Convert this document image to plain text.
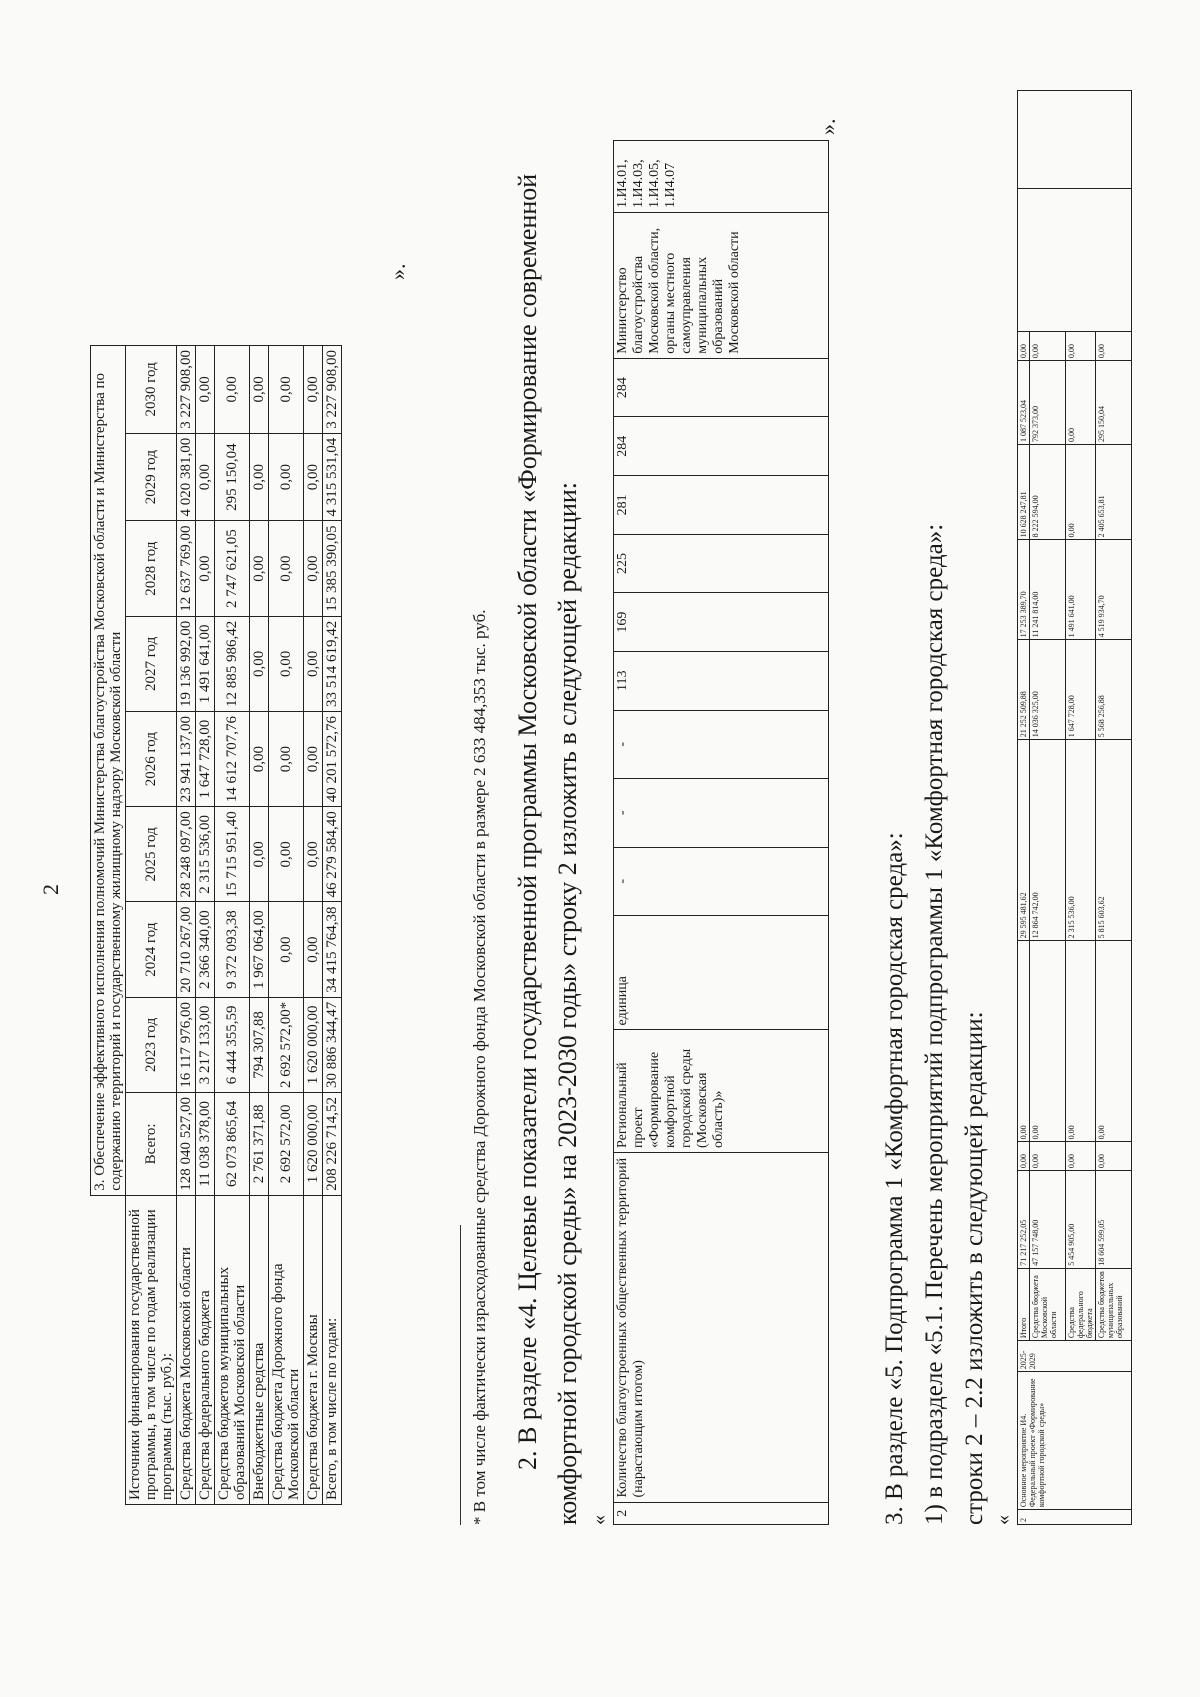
2
	3. Обеспечение эффективного исполнения полномочий Министерства благоустройства Московской области и Министерства по содержанию территорий и государственному жилищному надзору Московской области								
Источники финансирования государственной программы, в том числе по годам реализации программы (тыс. руб.):	Всего:	2023 год	2024 год	2025 год	2026 год	2027 год	2028 год	2029 год	2030 год
Средства бюджета Московской области	128 040 527,00	16 117 976,00	20 710 267,00	28 248 097,00	23 941 137,00	19 136 992,00	12 637 769,00	4 020 381,00	3 227 908,00
Средства федерального бюджета	11 038 378,00	3 217 133,00	2 366 340,00	2 315 536,00	1 647 728,00	1 491 641,00	0,00	0,00	0,00
Средства бюджетов муниципальных образований Московской области	62 073 865,64	6 444 355,59	9 372 093,38	15 715 951,40	14 612 707,76	12 885 986,42	2 747 621,05	295 150,04	0,00
Внебюджетные средства	2 761 371,88	794 307,88	1 967 064,00	0,00	0,00	0,00	0,00	0,00	0,00
Средства бюджета Дорожного фонда Московской области	2 692 572,00	2 692 572,00*	0,00	0,00	0,00	0,00	0,00	0,00	0,00
Средства бюджета г. Москвы	1 620 000,00	1 620 000,00	0,00	0,00	0,00	0,00	0,00	0,00	0,00
Всего, в том числе по годам:	208 226 714,52	30 886 344,47	34 415 764,38	46 279 584,40	40 201 572,76	33 514 619,42	15 385 390,05	4 315 531,04	3 227 908,00
».
* В том числе фактически израсходованные средства Дорожного фонда Московской области в размере 2 633 484,353 тыс. руб. 2. В разделе «4. Целевые показатели государственной программы Московской области «Формирование современной комфортной городской среды» на 2023-2030 годы» строку 2 изложить в следующей редакции: «
2	Количество благоустроенных общественных территорий (нарастающим итогом)	Региональный проект «Формирование комфортной городской среды (Московская область)»	единица	-	-	-	113	169	225	281	284	284	Министерство благоустройства Московской области, органы местного самоуправления муниципальных образований Московской области	1.И4.01, 1.И4.03, 1.И4.05, 1.И4.07
».
3. В разделе «5. Подпрограмма 1 «Комфортная городская среда»: 1) в подразделе «5.1. Перечень мероприятий подпрограммы 1 «Комфортная городская среда»: строки 2 – 2.2 изложить в следующей редакции: « 2	Основное мероприятие И4. Федеральный проект «Формирование комфортной городской среды»	2025-2029	Итого	71 217 252,05	0,00	0,00	29 595 481,62	21 252 509,88	17 253 389,70	10 628 247,81	1 087 523,04	0,00		
			Средства бюджета Московской области	47 157 748,00	0,00	0,00	12 864 742,00	14 036 325,00	11 241 814,00	8 222 594,00	792 373,00	0,00		
			Средства федерального бюджета	5 454 905,00	0,00	0,00	2 315 536,00	1 647 728,00	1 491 641,00	0,00	0,00	0,00		
			Средства бюджетов муниципальных образований	18 604 599,05	0,00	0,00	5 815 603,62	5 568 256,88	4 519 934,70	2 405 653,81	295 150,04	0,00		
